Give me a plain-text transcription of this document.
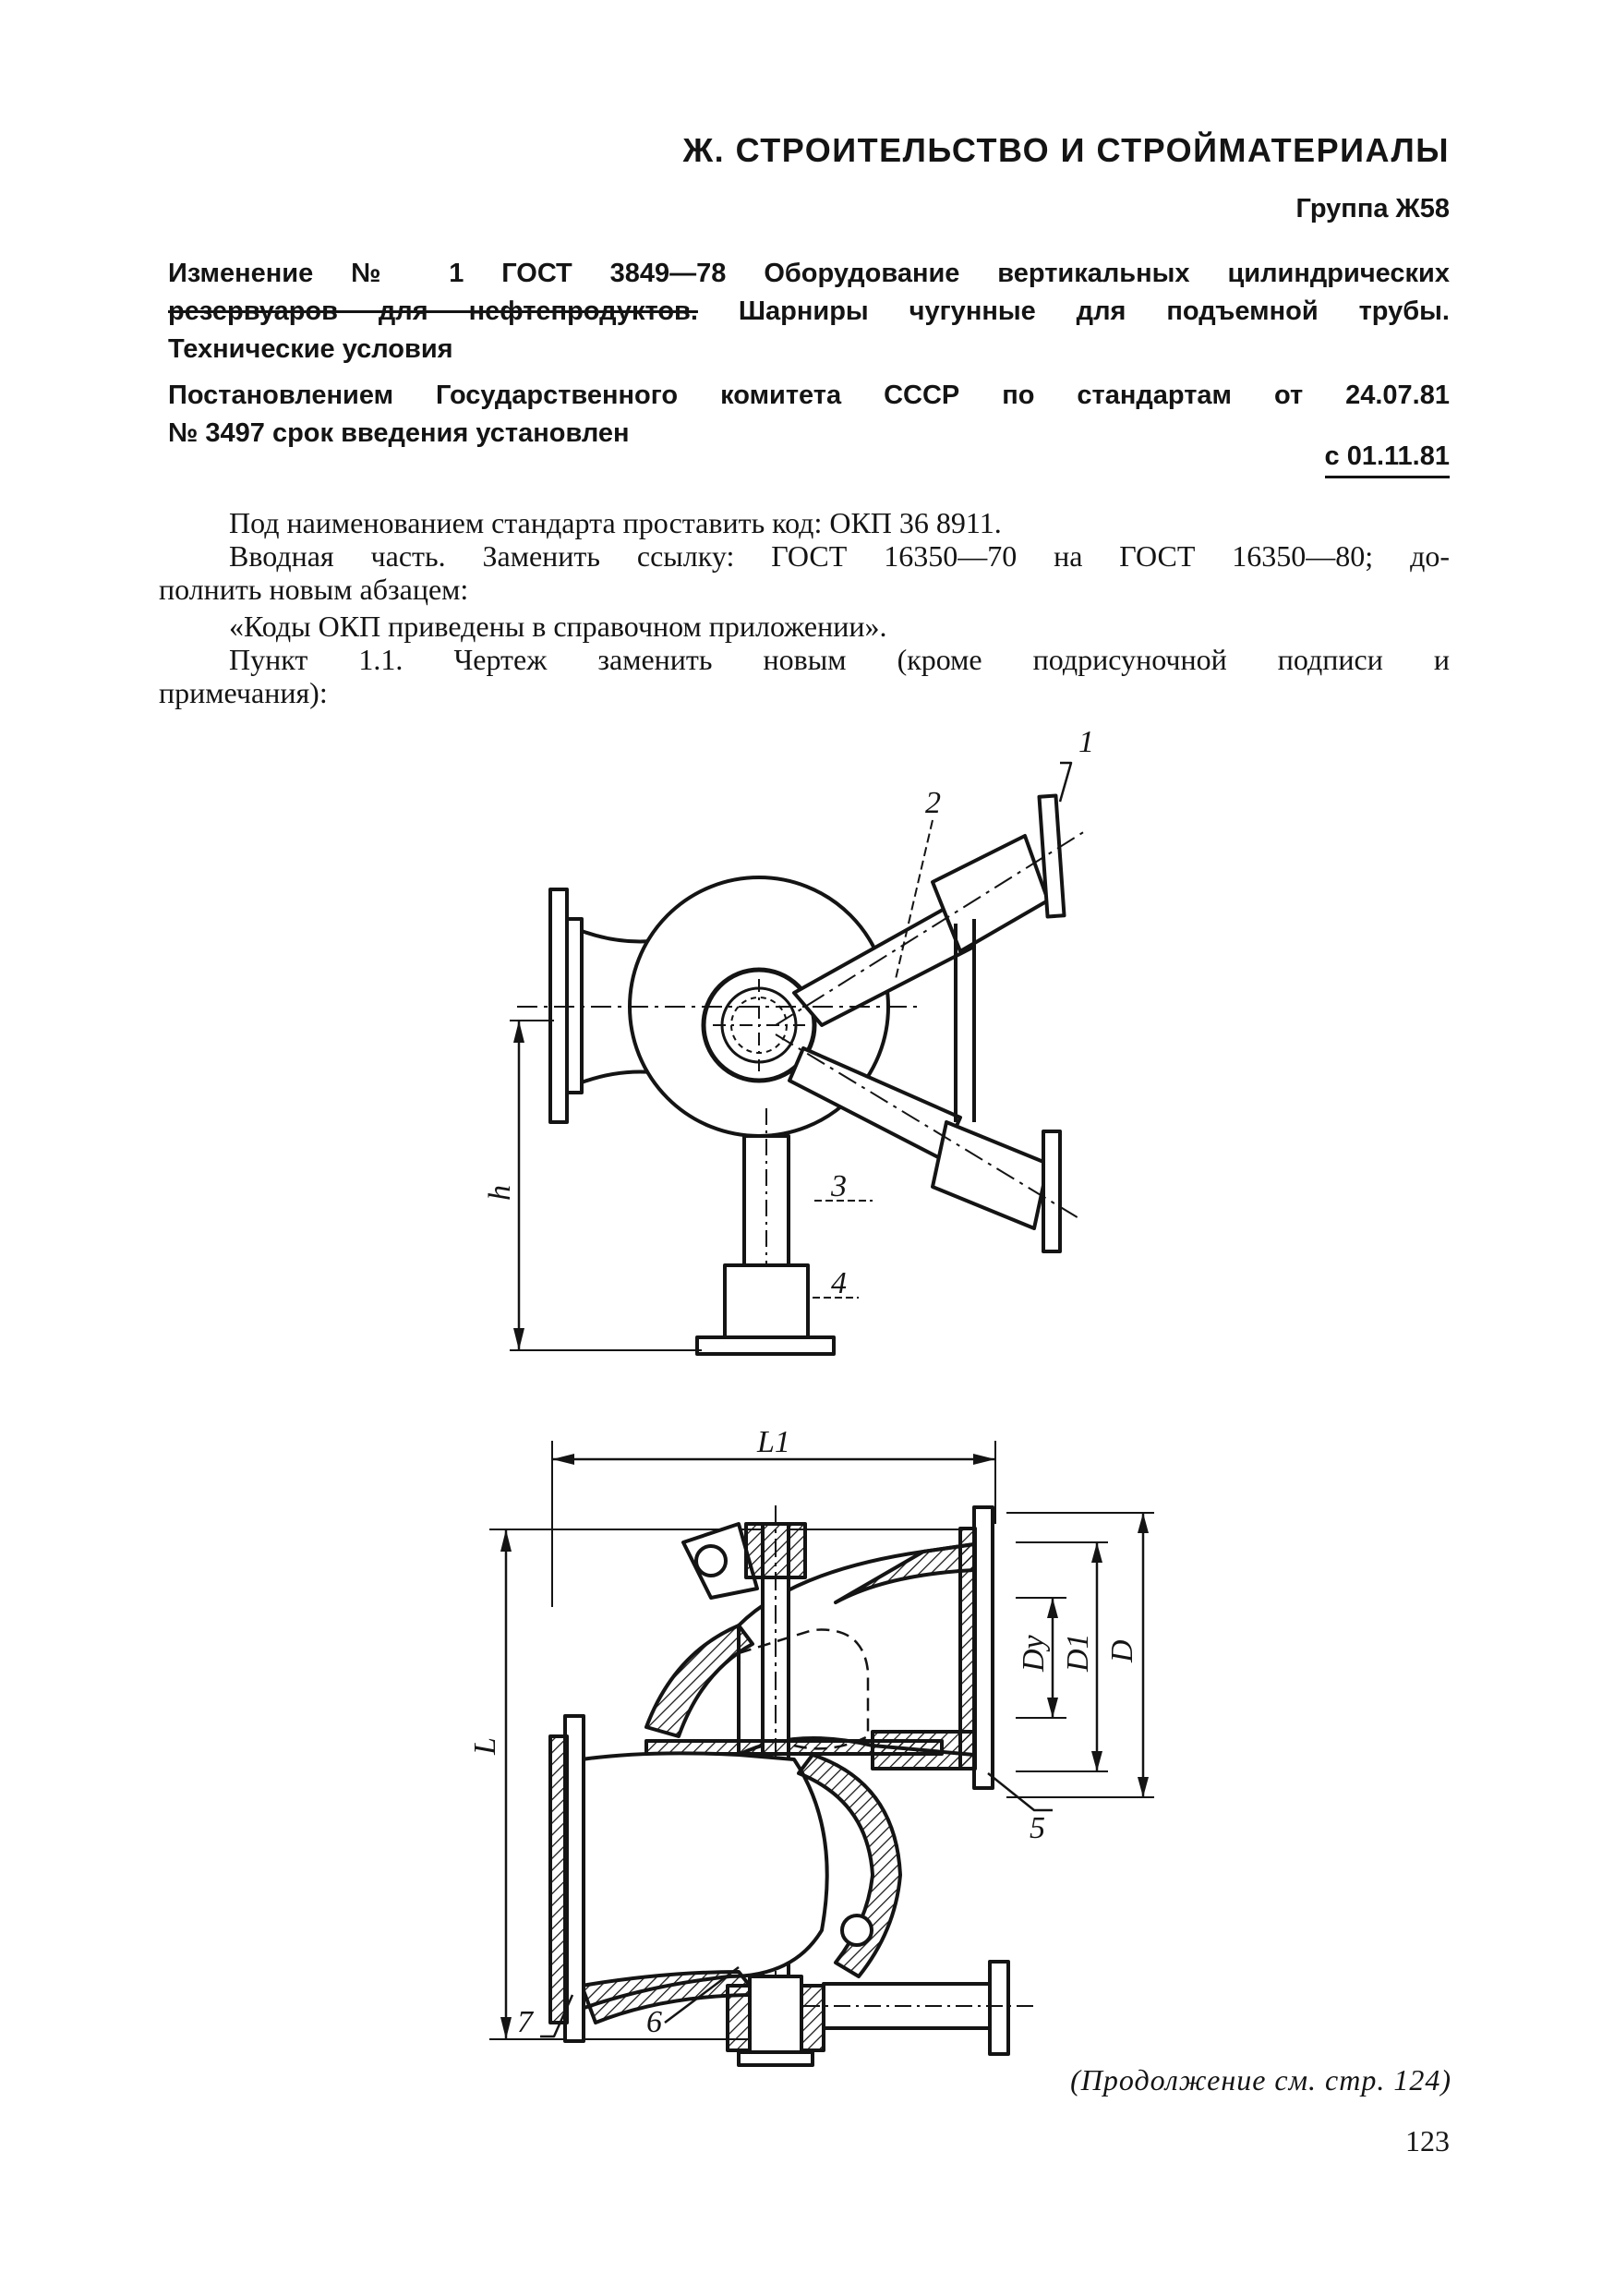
Ж. СТРОИТЕЛЬСТВО И СТРОЙМАТЕРИАЛЫ
Группа Ж58
Изменение № 1 ГОСТ 3849—78 Оборудование вертикальных цилиндрических
резервуаров для нефтепродуктов. Шарниры чугунные для подъемной трубы.
Технические условия
Постановлением Государственного комитета СССР по стандартам от 24.07.81
№ 3497 срок введения установлен
с 01.11.81
Под наименованием стандарта проставить код: ОКП 36 8911.
Вводная часть. Заменить ссылку: ГОСТ 16350—70 на ГОСТ 16350—80; до-
полнить новым абзацем:
«Коды ОКП приведены в справочном приложении».
Пункт 1.1. Чертеж заменить новым (кроме подрисуночной подписи и
примечания):
1
2
3
4
h
L1
L
Dy D1 D
5
6
7
(Продолжение см. стр. 124)
123
